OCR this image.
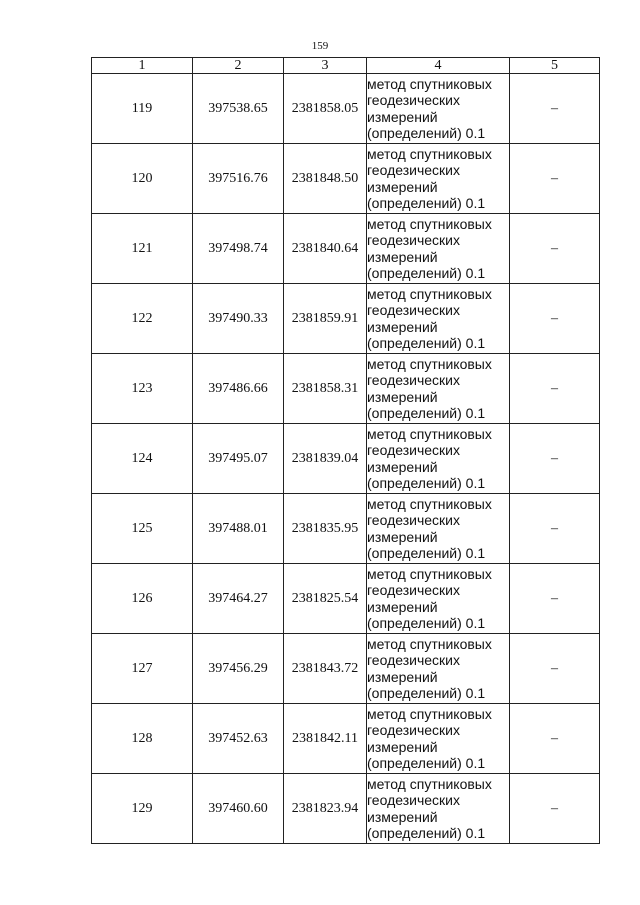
159
1	2	3	4	5
119	397538.65	2381858.05	метод спутниковых геодезических измерений (определений) 0.1	–
120	397516.76	2381848.50	метод спутниковых геодезических измерений (определений) 0.1	–
121	397498.74	2381840.64	метод спутниковых геодезических измерений (определений) 0.1	–
122	397490.33	2381859.91	метод спутниковых геодезических измерений (определений) 0.1	–
123	397486.66	2381858.31	метод спутниковых геодезических измерений (определений) 0.1	–
124	397495.07	2381839.04	метод спутниковых геодезических измерений (определений) 0.1	–
125	397488.01	2381835.95	метод спутниковых геодезических измерений (определений) 0.1	–
126	397464.27	2381825.54	метод спутниковых геодезических измерений (определений) 0.1	–
127	397456.29	2381843.72	метод спутниковых геодезических измерений (определений) 0.1	–
128	397452.63	2381842.11	метод спутниковых геодезических измерений (определений) 0.1	–
129	397460.60	2381823.94	метод спутниковых геодезических измерений (определений) 0.1	–
